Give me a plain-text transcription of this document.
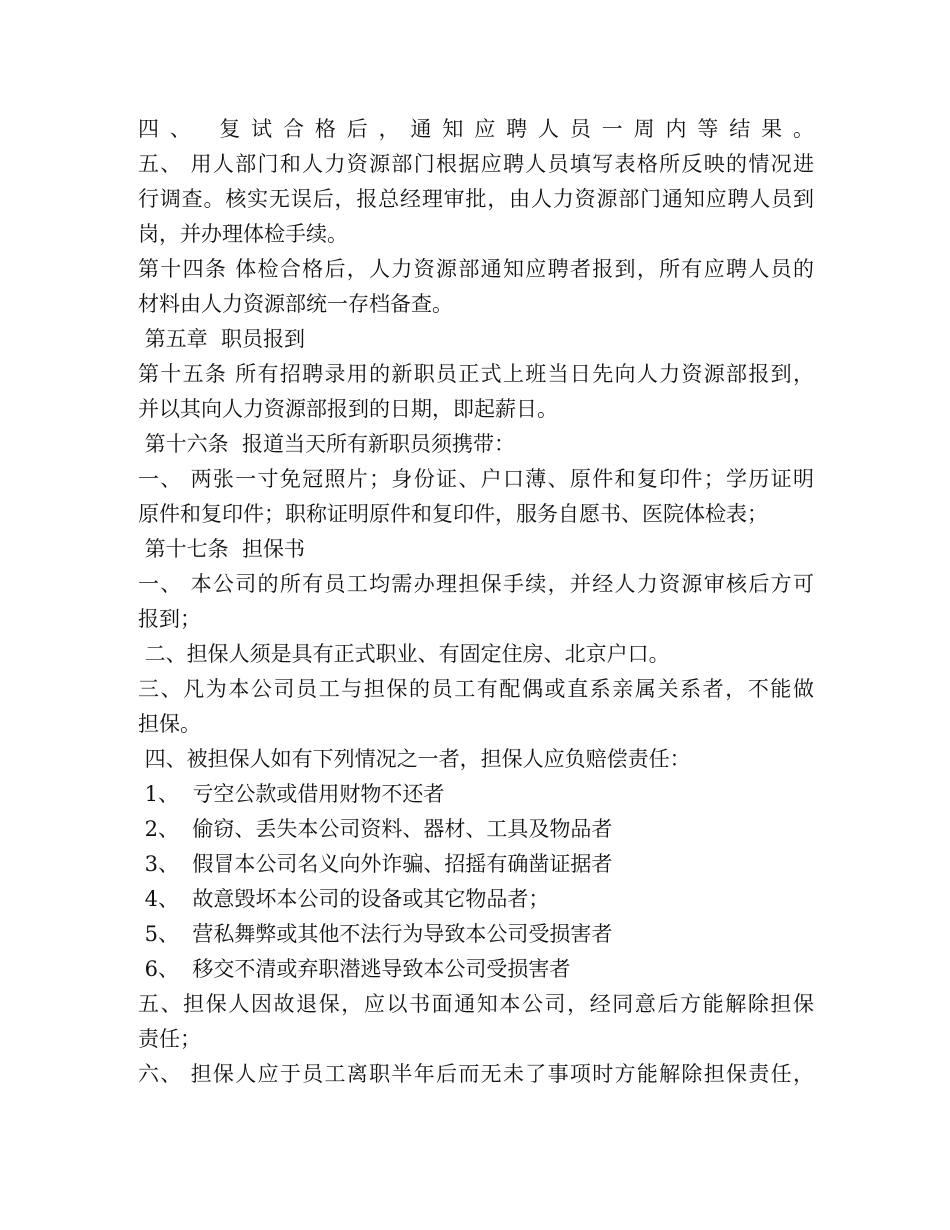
四、 复试合格后，通知应聘人员一周内等结果。
五、 用人部门和人力资源部门根据应聘人员填写表格所反映的情况进
行调查。核实无误后，报总经理审批，由人力资源部门通知应聘人员到
岗，并办理体检手续。
第十四条 体检合格后，人力资源部通知应聘者报到，所有应聘人员的
材料由人力资源部统一存档备查。
第五章  职员报到
第十五条 所有招聘录用的新职员正式上班当日先向人力资源部报到，
并以其向人力资源部报到的日期，即起薪日。
第十六条  报道当天所有新职员须携带：
一、 两张一寸免冠照片；身份证、户口薄、原件和复印件；学历证明
原件和复印件；职称证明原件和复印件，服务自愿书、医院体检表；
第十七条  担保书
一、 本公司的所有员工均需办理担保手续，并经人力资源审核后方可
报到；
二、担保人须是具有正式职业、有固定住房、北京户口。
三、凡为本公司员工与担保的员工有配偶或直系亲属关系者，不能做
担保。
四、被担保人如有下列情况之一者，担保人应负赔偿责任：
1、  亏空公款或借用财物不还者
2、  偷窃、丢失本公司资料、器材、工具及物品者
3、  假冒本公司名义向外诈骗、招摇有确凿证据者
4、  故意毁坏本公司的设备或其它物品者；
5、  营私舞弊或其他不法行为导致本公司受损害者
6、  移交不清或弃职潜逃导致本公司受损害者
五、担保人因故退保，应以书面通知本公司，经同意后方能解除担保
责任；
六、 担保人应于员工离职半年后而无未了事项时方能解除担保责任，
